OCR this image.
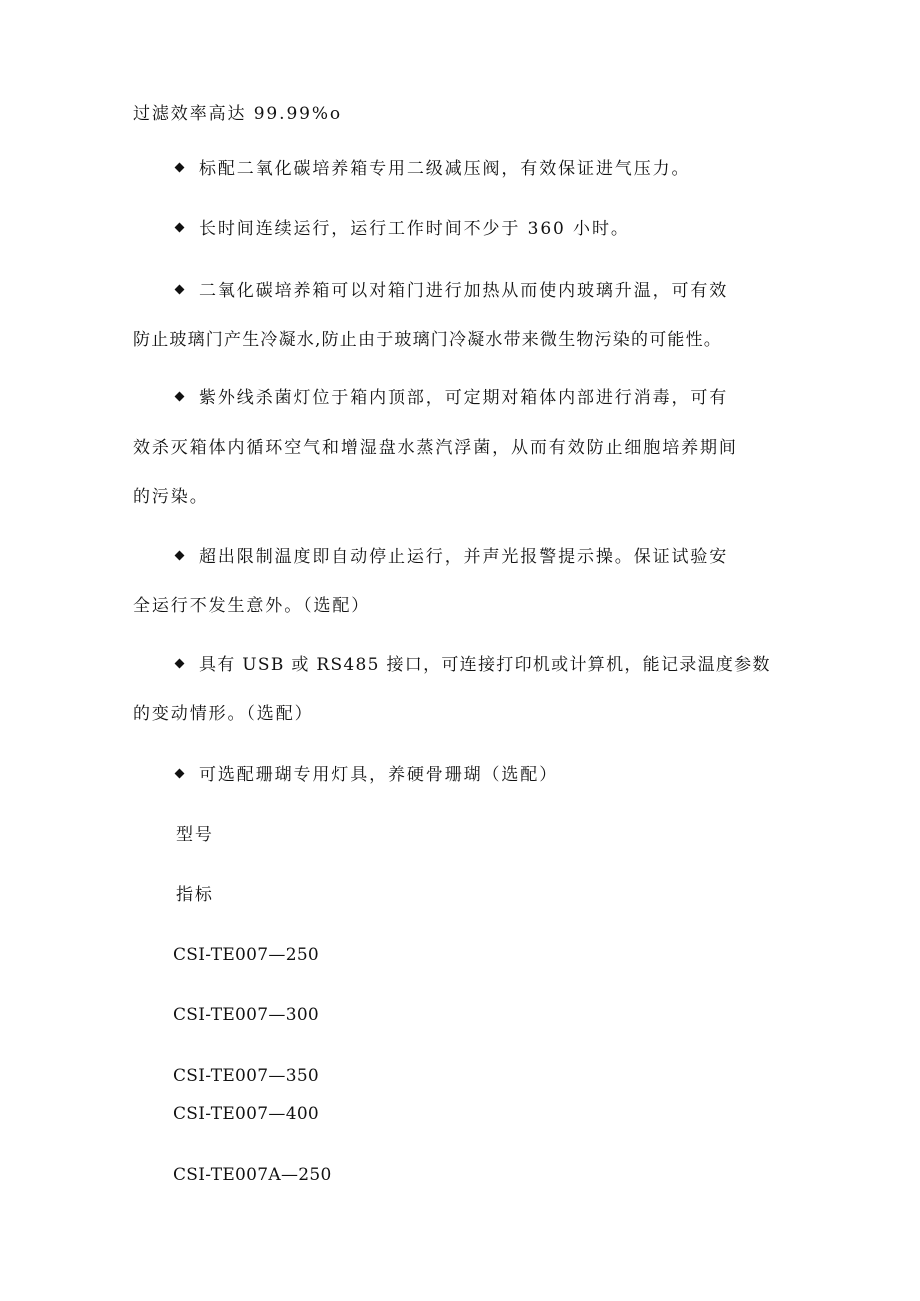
过滤效率高达 99.99%o
标配二氧化碳培养箱专用二级减压阀，有效保证进气压力。
长时间连续运行，运行工作时间不少于 360 小时。
二氧化碳培养箱可以对箱门进行加热从而使内玻璃升温，可有效
防止玻璃门产生冷凝水,防止由于玻璃门冷凝水带来微生物污染的可能性。
紫外线杀菌灯位于箱内顶部，可定期对箱体内部进行消毒，可有
效杀灭箱体内循环空气和增湿盘水蒸汽浮菌，从而有效防止细胞培养期间
的污染。
超出限制温度即自动停止运行，并声光报警提示操。保证试验安
全运行不发生意外。（选配）
具有 USB 或 RS485 接口，可连接打印机或计算机，能记录温度参数
的变动情形。（选配）
可选配珊瑚专用灯具，养硬骨珊瑚（选配）
型号
指标
CSI-TE007—250
CSI-TE007—300
CSI-TE007—350
CSI-TE007—400
CSI-TE007A—250
